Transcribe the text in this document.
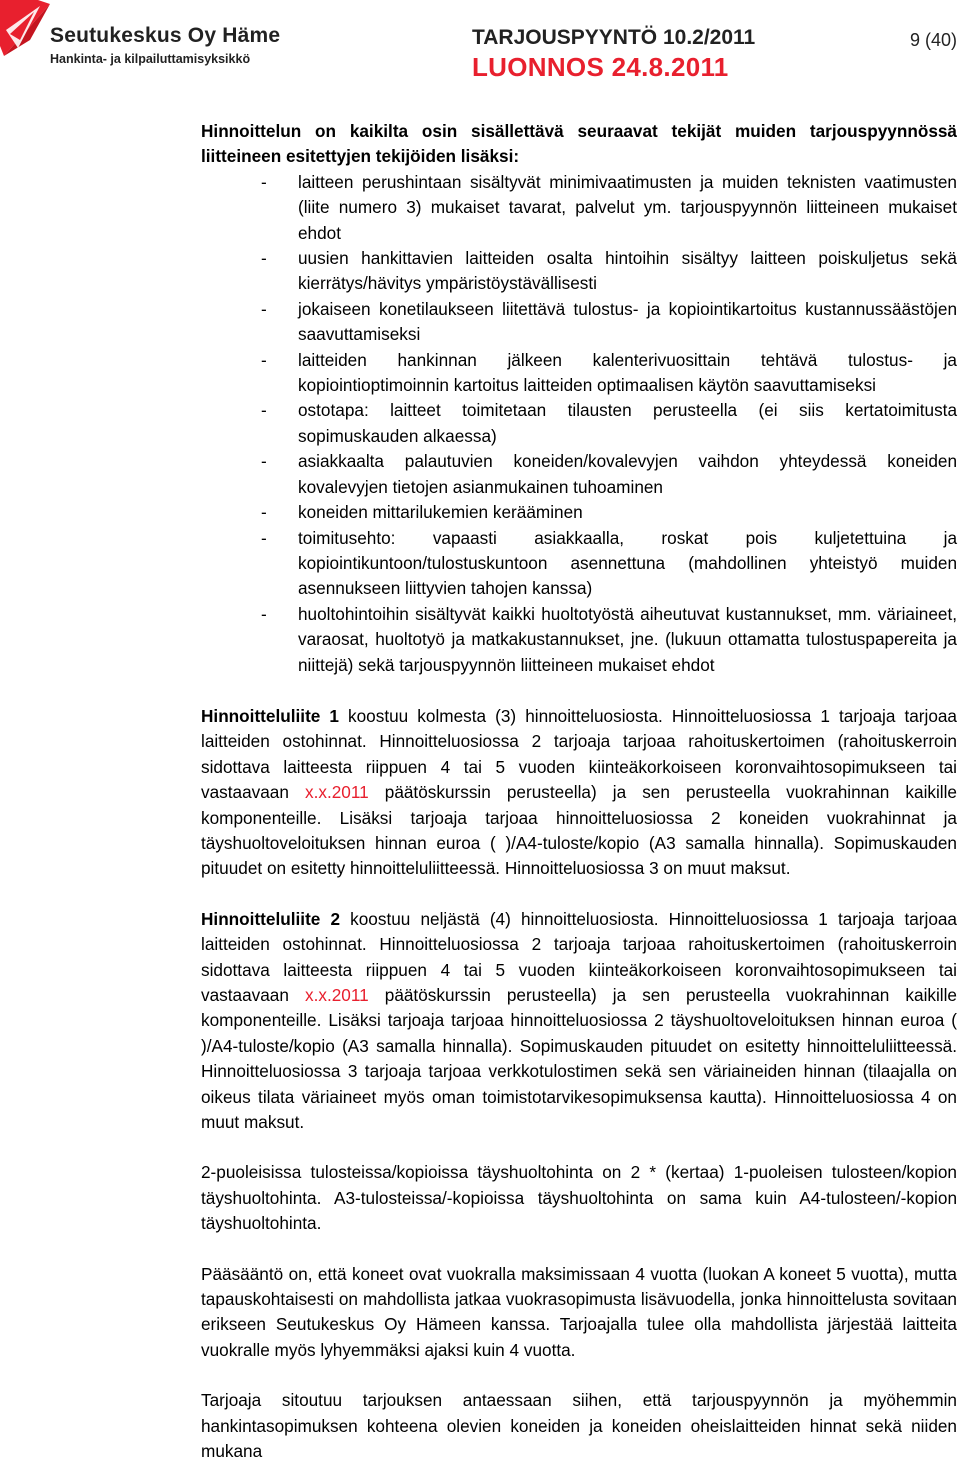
Seutukeskus Oy Häme
Hankinta- ja kilpailuttamisyksikkö
TARJOUSPYYNTÖ 10.2/2011
LUONNOS 24.8.2011
9 (40)

Hinnoittelun on kaikilta osin sisällettävä seuraavat tekijät muiden tarjouspyynnössä liitteineen esitettyjen tekijöiden lisäksi:

- laitteen perushintaan sisältyvät minimivaatimusten ja muiden teknisten vaatimusten (liite numero 3) mukaiset tavarat, palvelut ym. tarjouspyynnön liitteineen mukaiset ehdot
- uusien hankittavien laitteiden osalta hintoihin sisältyy laitteen poiskuljetus sekä kierrätys/hävitys ympäristöystävällisesti
- jokaiseen konetilaukseen liitettävä tulostus- ja kopiointikartoitus kustannussäästöjen saavuttamiseksi
- laitteiden hankinnan jälkeen kalenterivuosittain tehtävä tulostus- ja kopiointioptimoinnin kartoitus laitteiden optimaalisen käytön saavuttamiseksi
- ostotapa: laitteet toimitetaan tilausten perusteella (ei siis kertatoimitusta sopimuskauden alkaessa)
- asiakkaalta palautuvien koneiden/kovalevyjen vaihdon yhteydessä koneiden kovalevyjen tietojen asianmukainen tuhoaminen
- koneiden mittarilukemien kerääminen
- toimitusehto: vapaasti asiakkaalla, roskat pois kuljetettuina ja kopiointikuntoon/tulostuskuntoon asennettuna (mahdollinen yhteistyö muiden asennukseen liittyvien tahojen kanssa)
- huoltohintoihin sisältyvät kaikki huoltotyöstä aiheutuvat kustannukset, mm. väriaineet, varaosat, huoltotyö ja matkakustannukset, jne. (lukuun ottamatta tulostuspapereita ja niittejä) sekä tarjouspyynnön liitteineen mukaiset ehdot

Hinnoitteluliite 1 koostuu kolmesta (3) hinnoitteluosiosta. Hinnoitteluosiossa 1 tarjoaja tarjoaa laitteiden ostohinnat. Hinnoitteluosiossa 2 tarjoaja tarjoaa rahoituskertoimen (rahoituskerroin sidottava laitteesta riippuen 4 tai 5 vuoden kiinteäkorkoiseen koronvaihtosopimukseen tai vastaavaan x.x.2011 päätöskurssin perusteella) ja sen perusteella vuokrahinnan kaikille komponenteille. Lisäksi tarjoaja tarjoaa hinnoitteluosiossa 2 koneiden vuokrahinnat ja täyshuoltoveloituksen hinnan euroa ( )/A4-tuloste/kopio (A3 samalla hinnalla). Sopimuskauden pituudet on esitetty hinnoitteluliitteessä. Hinnoitteluosiossa 3 on muut maksut.

Hinnoitteluliite 2 koostuu neljästä (4) hinnoitteluosiosta. Hinnoitteluosiossa 1 tarjoaja tarjoaa laitteiden ostohinnat. Hinnoitteluosiossa 2 tarjoaja tarjoaa rahoituskertoimen (rahoituskerroin sidottava laitteesta riippuen 4 tai 5 vuoden kiinteäkorkoiseen koronvaihtosopimukseen tai vastaavaan x.x.2011 päätöskurssin perusteella) ja sen perusteella vuokrahinnan kaikille komponenteille. Lisäksi tarjoaja tarjoaa hinnoitteluosiossa 2 täyshuoltoveloituksen hinnan euroa ( )/A4-tuloste/kopio (A3 samalla hinnalla). Sopimuskauden pituudet on esitetty hinnoitteluliitteessä. Hinnoitteluosiossa 3 tarjoaja tarjoaa verkkotulostimen sekä sen väriaineiden hinnan (tilaajalla on oikeus tilata väriaineet myös oman toimistotarvikesopimuksensa kautta). Hinnoitteluosiossa 4 on muut maksut.

2-puoleisissa tulosteissa/kopioissa täyshuoltohinta on 2 * (kertaa) 1-puoleisen tulosteen/kopion täyshuoltohinta. A3-tulosteissa/-kopioissa täyshuoltohinta on sama kuin A4-tulosteen/-kopion täyshuoltohinta.

Pääsääntö on, että koneet ovat vuokralla maksimissaan 4 vuotta (luokan A koneet 5 vuotta), mutta tapauskohtaisesti on mahdollista jatkaa vuokrasopimusta lisävuodella, jonka hinnoittelusta sovitaan erikseen Seutukeskus Oy Hämeen kanssa. Tarjoajalla tulee olla mahdollista järjestää laitteita vuokralle myös lyhyemmäksi ajaksi kuin 4 vuotta.

Tarjoaja sitoutuu tarjouksen antaessaan siihen, että tarjouspyynnön ja myöhemmin hankintasopimuksen kohteena olevien koneiden ja koneiden oheislaitteiden hinnat sekä niiden mukana
